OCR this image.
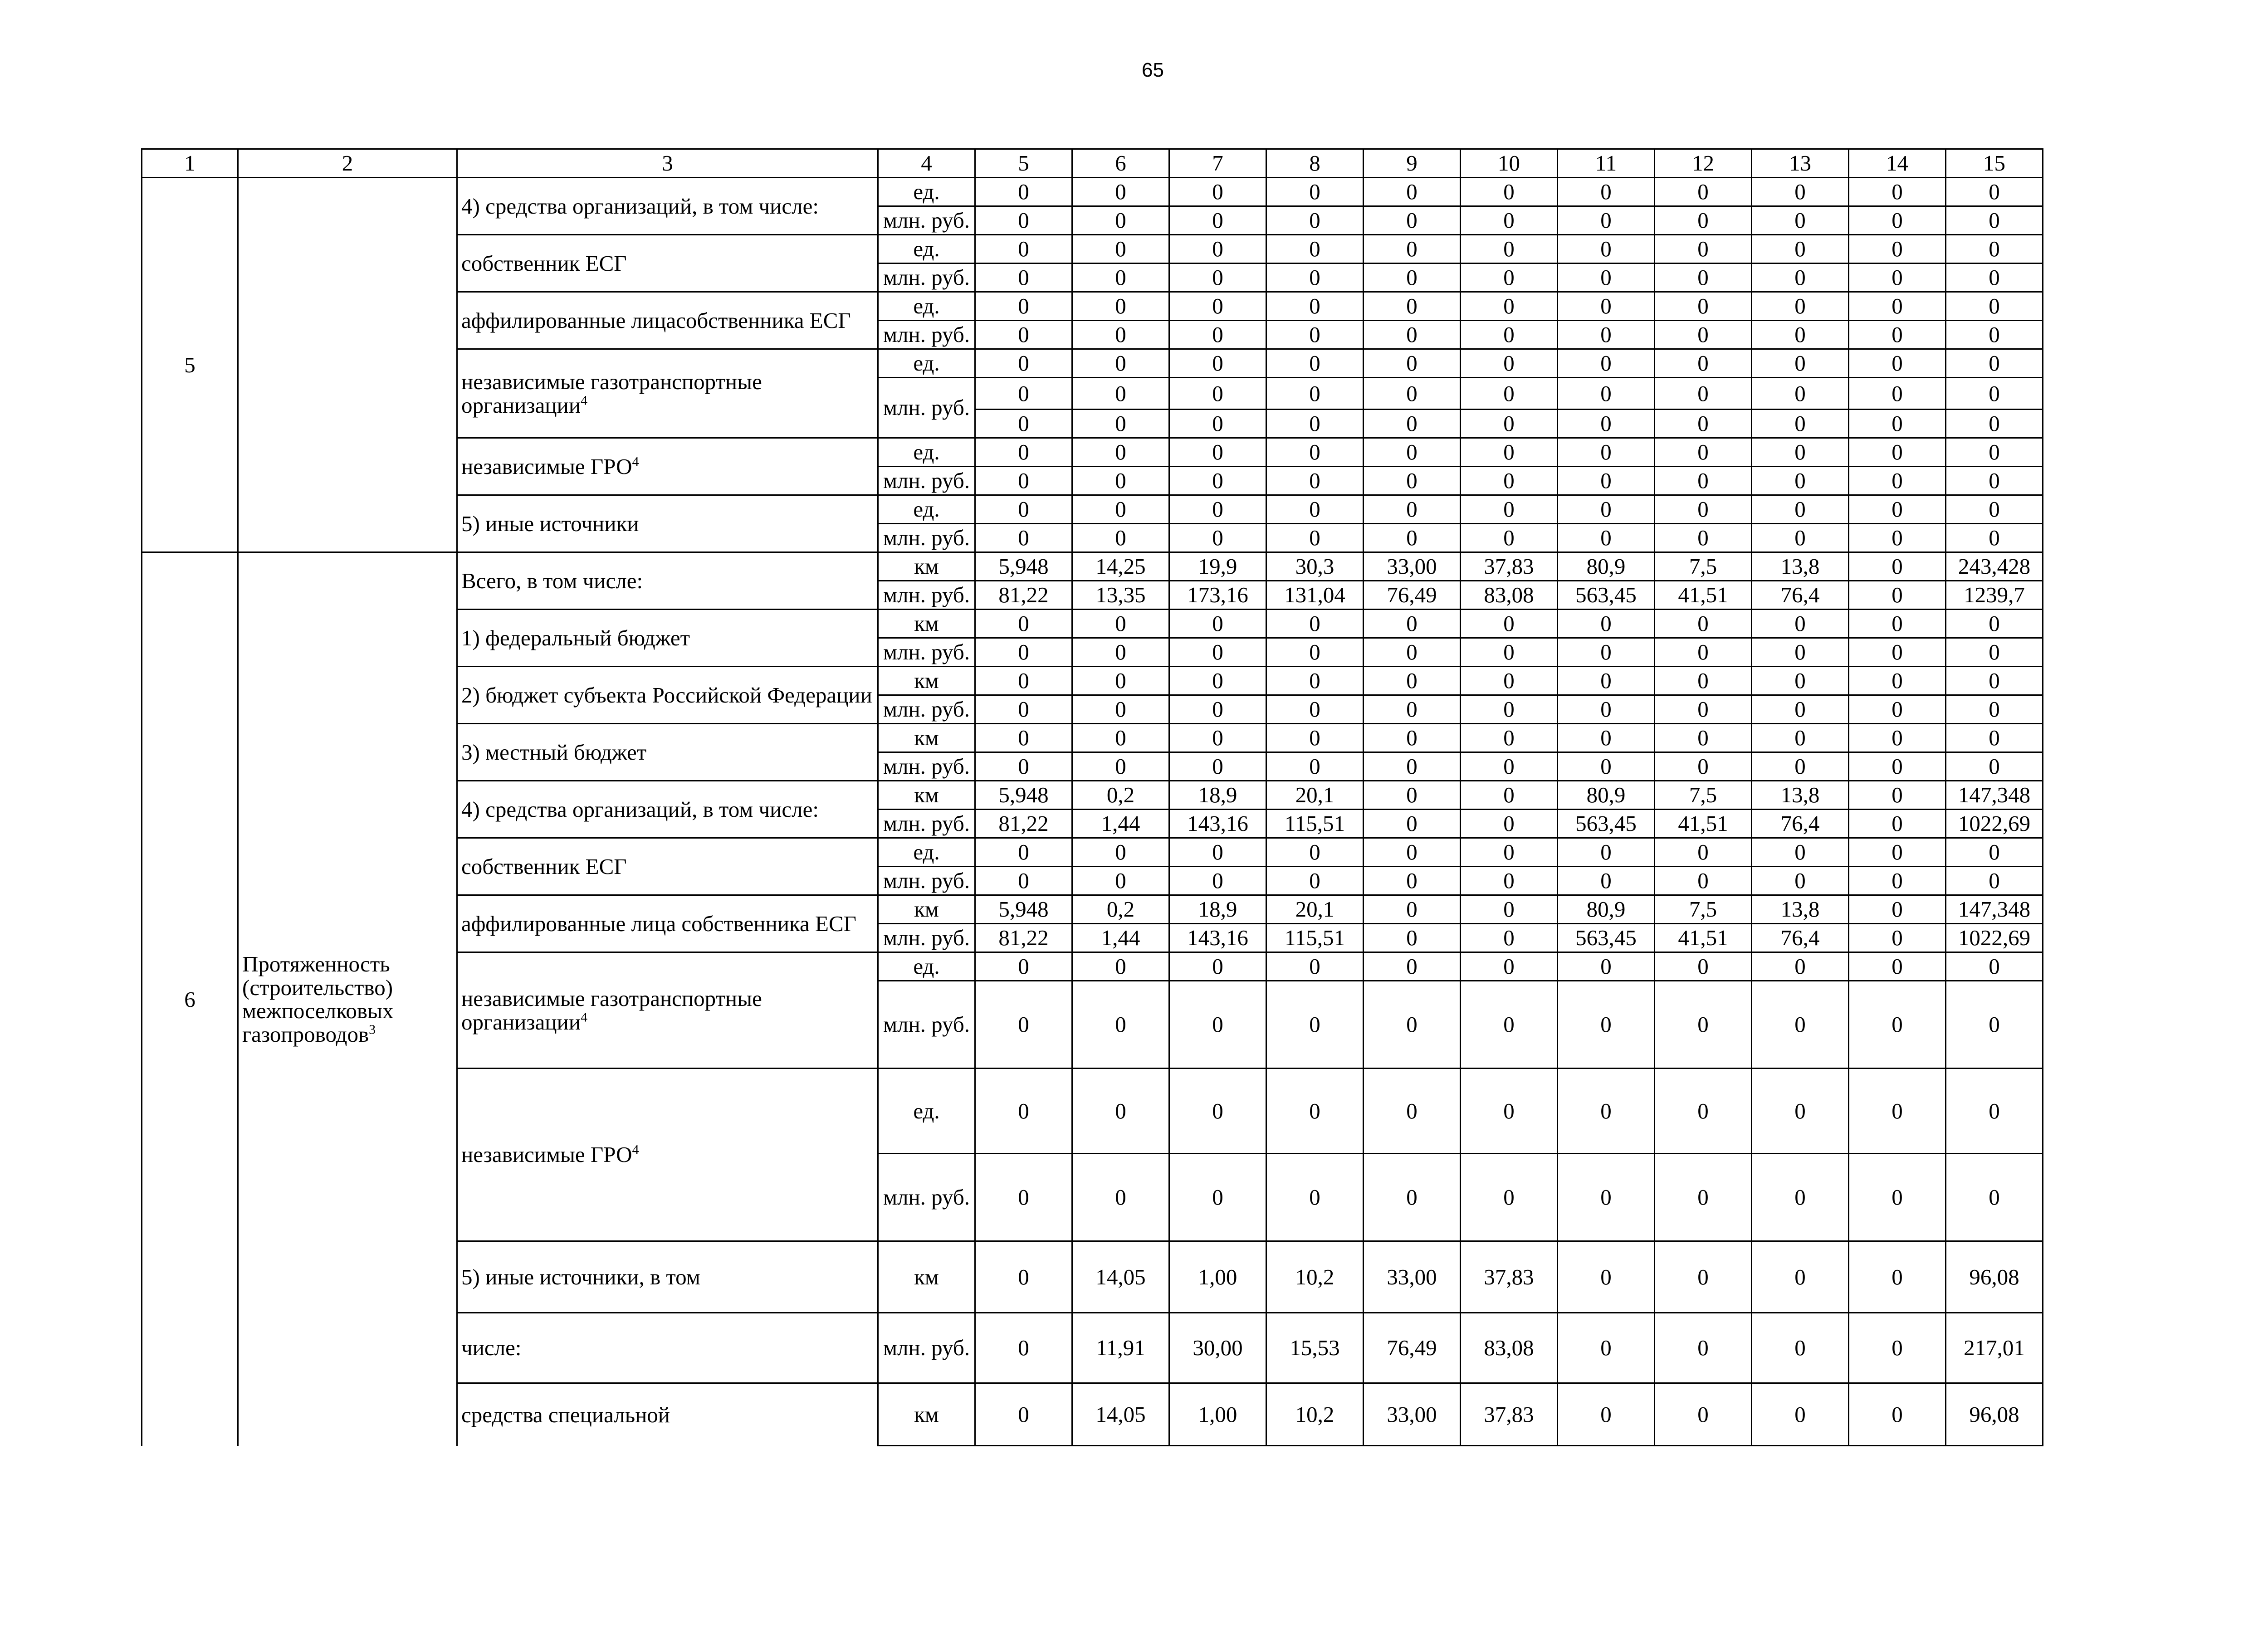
65
1	2	3	4	5	6	7	8	9	10	11	12	13	14	15
5		4) средства организаций, в том числе:	ед.	0	0	0	0	0	0	0	0	0	0	0
			млн. руб.	0	0	0	0	0	0	0	0	0	0	0
		собственник ЕСГ	ед.	0	0	0	0	0	0	0	0	0	0	0
			млн. руб.	0	0	0	0	0	0	0	0	0	0	0
		аффилированные лицасобственника ЕСГ	ед.	0	0	0	0	0	0	0	0	0	0	0
			млн. руб.	0	0	0	0	0	0	0	0	0	0	0
		независимые газотранспортные организации$^4$	ед.	0	0	0	0	0	0	0	0	0	0	0
			млн. руб.	0	0	0	0	0	0	0	0	0	0	0
				0	0	0	0	0	0	0	0	0	0	0
		независимые ГРО$^4$	ед.	0	0	0	0	0	0	0	0	0	0	0
			млн. руб.	0	0	0	0	0	0	0	0	0	0	0
		5) иные источники	ед.	0	0	0	0	0	0	0	0	0	0	0
			млн. руб.	0	0	0	0	0	0	0	0	0	0	0
6	Протяженность (строительство) межпоселковых газопроводов$^3$	Всего, в том числе:	км	5,948	14,25	19,9	30,3	33,00	37,83	80,9	7,5	13,8	0	243,428
			млн. руб.	81,22	13,35	173,16	131,04	76,49	83,08	563,45	41,51	76,4	0	1239,7
		1) федеральный бюджет	км	0	0	0	0	0	0	0	0	0	0	0
			млн. руб.	0	0	0	0	0	0	0	0	0	0	0
		2) бюджет субъекта Российской Федерации	км	0	0	0	0	0	0	0	0	0	0	0
			млн. руб.	0	0	0	0	0	0	0	0	0	0	0
		3) местный бюджет	км	0	0	0	0	0	0	0	0	0	0	0
			млн. руб.	0	0	0	0	0	0	0	0	0	0	0
		4) средства организаций, в том числе:	км	5,948	0,2	18,9	20,1	0	0	80,9	7,5	13,8	0	147,348
			млн. руб.	81,22	1,44	143,16	115,51	0	0	563,45	41,51	76,4	0	1022,69
		собственник ЕСГ	ед.	0	0	0	0	0	0	0	0	0	0	0
			млн. руб.	0	0	0	0	0	0	0	0	0	0	0
		аффилированные лица собственника ЕСГ	км	5,948	0,2	18,9	20,1	0	0	80,9	7,5	13,8	0	147,348
			млн. руб.	81,22	1,44	143,16	115,51	0	0	563,45	41,51	76,4	0	1022,69
		независимые газотранспортные организации$^4$	ед.	0	0	0	0	0	0	0	0	0	0	0
			млн. руб.	0	0	0	0	0	0	0	0	0	0	0
		независимые ГРО$^4$	ед.	0	0	0	0	0	0	0	0	0	0	0
			млн. руб.	0	0	0	0	0	0	0	0	0	0	0
		5) иные источники, в том	км	0	14,05	1,00	10,2	33,00	37,83	0	0	0	0	96,08
		числе:	млн. руб.	0	11,91	30,00	15,53	76,49	83,08	0	0	0	0	217,01
		средства специальной	км	0	14,05	1,00	10,2	33,00	37,83	0	0	0	0	96,08
